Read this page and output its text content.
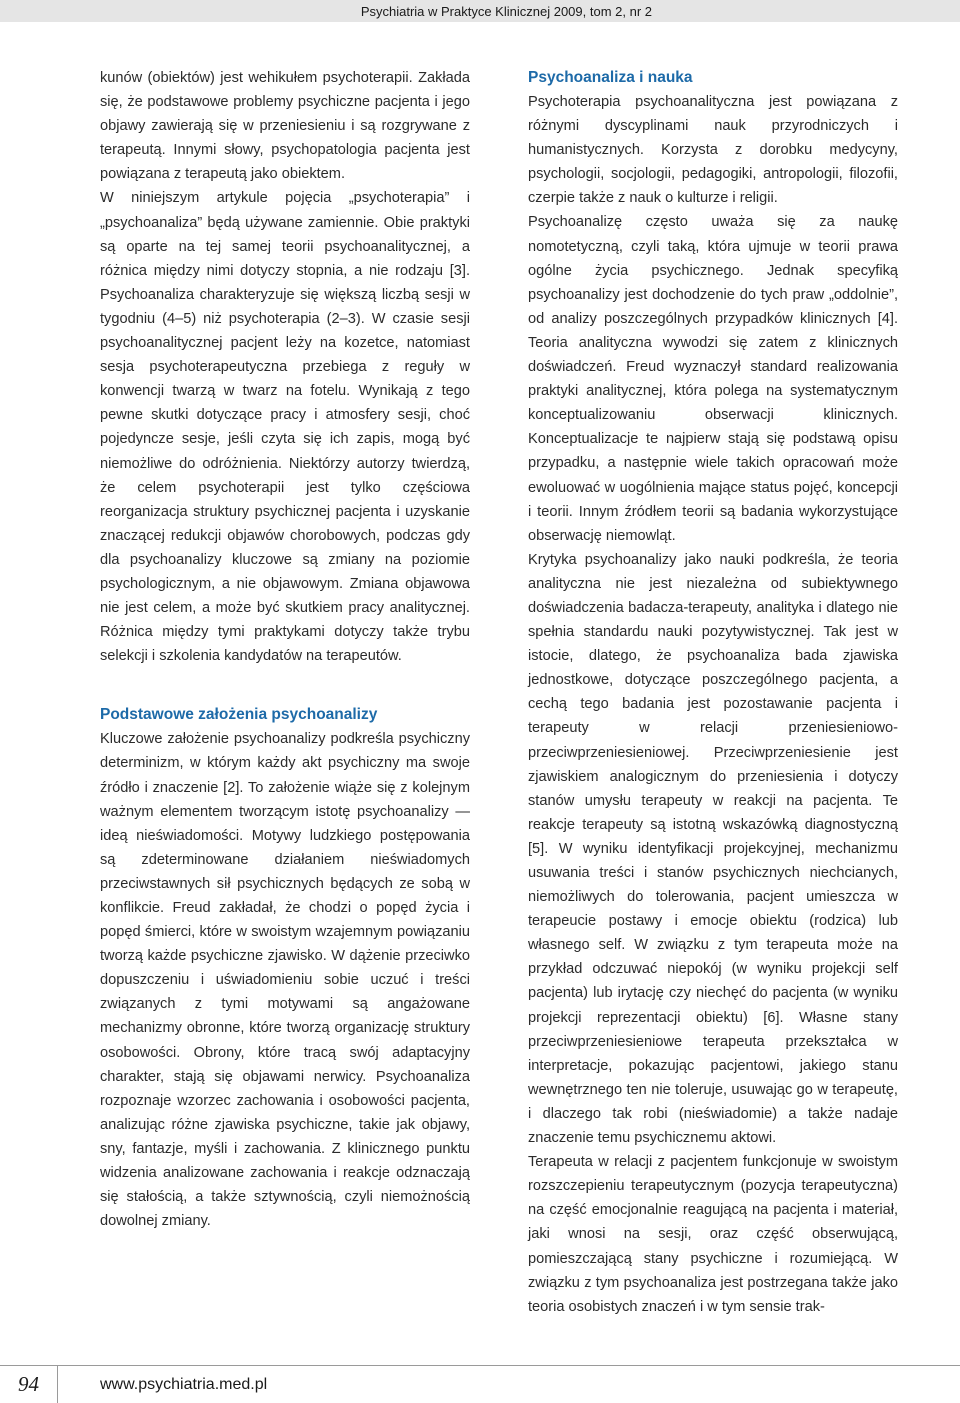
Psychiatria w Praktyce Klinicznej 2009, tom 2, nr 2

kunów (obiektów) jest wehikułem psychoterapii. Zakłada się, że podstawowe problemy psychiczne pacjenta i jego objawy zawierają się w przeniesieniu i są rozgrywane z terapeutą. Innymi słowy, psychopatologia pacjenta jest powiązana z terapeutą jako obiektem.

W niniejszym artykule pojęcia „psychoterapia” i „psychoanaliza” będą używane zamiennie. Obie praktyki są oparte na tej samej teorii psychoanalitycznej, a różnica między nimi dotyczy stopnia, a nie rodzaju [3]. Psychoanaliza charakteryzuje się większą liczbą sesji w tygodniu (4–5) niż psychoterapia (2–3). W czasie sesji psychoanalitycznej pacjent leży na kozetce, natomiast sesja psychoterapeutyczna przebiega z reguły w konwencji twarzą w twarz na fotelu. Wynikają z tego pewne skutki dotyczące pracy i atmosfery sesji, choć pojedyncze sesje, jeśli czyta się ich zapis, mogą być niemożliwe do odróżnienia. Niektórzy autorzy twierdzą, że celem psychoterapii jest tylko częściowa reorganizacja struktury psychicznej pacjenta i uzyskanie znaczącej redukcji objawów chorobowych, podczas gdy dla psychoanalizy kluczowe są zmiany na poziomie psychologicznym, a nie objawowym. Zmiana objawowa nie jest celem, a może być skutkiem pracy analitycznej. Różnica między tymi praktykami dotyczy także trybu selekcji i szkolenia kandydatów na terapeutów.

Podstawowe założenia psychoanalizy

Kluczowe założenie psychoanalizy podkreśla psychiczny determinizm, w którym każdy akt psychiczny ma swoje źródło i znaczenie [2]. To założenie wiąże się z kolejnym ważnym elementem tworzącym istotę psychoanalizy — ideą nieświadomości. Motywy ludzkiego postępowania są zdeterminowane działaniem nieświadomych przeciwstawnych sił psychicznych będących ze sobą w konflikcie. Freud zakładał, że chodzi o popęd życia i popęd śmierci, które w swoistym wzajemnym powiązaniu tworzą każde psychiczne zjawisko. W dążenie przeciwko dopuszczeniu i uświadomieniu sobie uczuć i treści związanych z tymi motywami są angażowane mechanizmy obronne, które tworzą organizację struktury osobowości. Obrony, które tracą swój adaptacyjny charakter, stają się objawami nerwicy. Psychoanaliza rozpoznaje wzorzec zachowania i osobowości pacjenta, analizując różne zjawiska psychiczne, takie jak objawy, sny, fantazje, myśli i zachowania. Z klinicznego punktu widzenia analizowane zachowania i reakcje odznaczają się stałością, a także sztywnością, czyli niemożnością dowolnej zmiany.

Psychoanaliza i nauka

Psychoterapia psychoanalityczna jest powiązana z różnymi dyscyplinami nauk przyrodniczych i humanistycznych. Korzysta z dorobku medycyny, psychologii, socjologii, pedagogiki, antropologii, filozofii, czerpie także z nauk o kulturze i religii.

Psychoanalizę często uważa się za naukę nomotetyczną, czyli taką, która ujmuje w teorii prawa ogólne życia psychicznego. Jednak specyfiką psychoanalizy jest dochodzenie do tych praw „oddolnie”, od analizy poszczególnych przypadków klinicznych [4]. Teoria analityczna wywodzi się zatem z klinicznych doświadczeń. Freud wyznaczył standard realizowania praktyki analitycznej, która polega na systematycznym konceptualizowaniu obserwacji klinicznych. Konceptualizacje te najpierw stają się podstawą opisu przypadku, a następnie wiele takich opracowań może ewoluować w uogólnienia mające status pojęć, koncepcji i teorii. Innym źródłem teorii są badania wykorzystujące obserwację niemowląt.

Krytyka psychoanalizy jako nauki podkreśla, że teoria analityczna nie jest niezależna od subiektywnego doświadczenia badacza-terapeuty, analityka i dlatego nie spełnia standardu nauki pozytywistycznej. Tak jest w istocie, dlatego, że psychoanaliza bada zjawiska jednostkowe, dotyczące poszczególnego pacjenta, a cechą tego badania jest pozostawanie pacjenta i terapeuty w relacji przeniesieniowo-przeciwprzeniesieniowej. Przeciwprzeniesienie jest zjawiskiem analogicznym do przeniesienia i dotyczy stanów umysłu terapeuty w reakcji na pacjenta. Te reakcje terapeuty są istotną wskazówką diagnostyczną [5]. W wyniku identyfikacji projekcyjnej, mechanizmu usuwania treści i stanów psychicznych niechcianych, niemożliwych do tolerowania, pacjent umieszcza w terapeucie postawy i emocje obiektu (rodzica) lub własnego self. W związku z tym terapeuta może na przykład odczuwać niepokój (w wyniku projekcji self pacjenta) lub irytację czy niechęć do pacjenta (w wyniku projekcji reprezentacji obiektu) [6]. Własne stany przeciwprzeniesieniowe terapeuta przekształca w interpretacje, pokazując pacjentowi, jakiego stanu wewnętrznego ten nie toleruje, usuwając go w terapeutę, i dlaczego tak robi (nieświadomie) a także nadaje znaczenie temu psychicznemu aktowi.

Terapeuta w relacji z pacjentem funkcjonuje w swoistym rozszczepieniu terapeutycznym (pozycja terapeutyczna) na część emocjonalnie reagującą na pacjenta i materiał, jaki wnosi na sesji, oraz część obserwującą, pomieszczającą stany psychiczne i rozumiejącą. W związku z tym psychoanaliza jest postrzegana także jako teoria osobistych znaczeń i w tym sensie trak-

94	www.psychiatria.med.pl
